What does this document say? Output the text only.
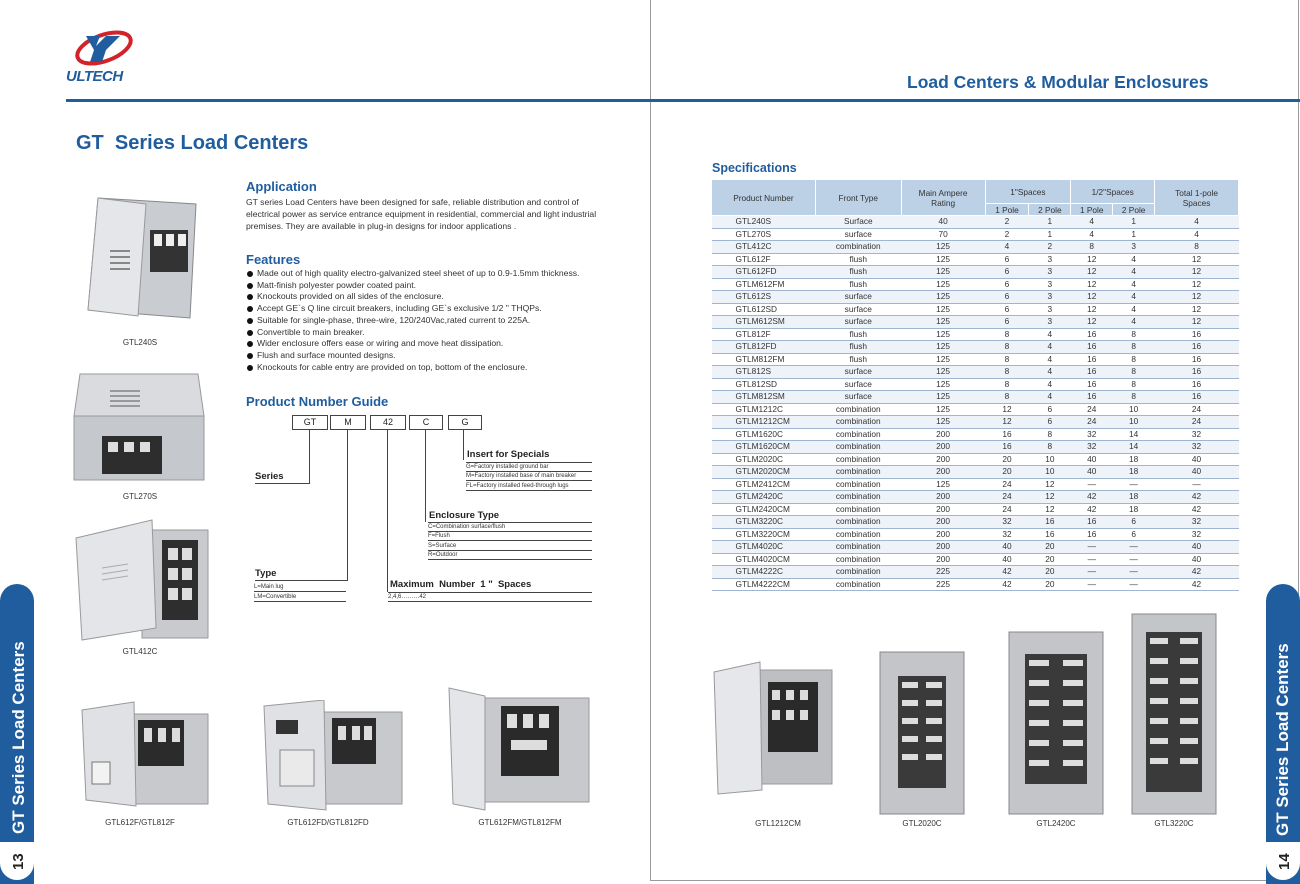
ULTECH
GT  Series Load Centers
GT Series Load Centers
13
GTL240S
GTL270S
GTL412C
Application
GT series Load Centers have been designed for safe, reliable distribution and control of
electrical power as service entrance equipment in residential, commercial and light industrial
premises. They are available in plug-in designs for indoor applications .
Features
Made out of high quality electro-galvanized steel sheet of up to 0.9-1.5mm thickness.
Matt-finish polyester powder coated paint.
Knockouts provided on all sides of the enclosure.
Accept GE`s Q line circuit breakers, including GE`s exclusive 1/2 " THQPs.
Suitable for single-phase, three-wire, 120/240Vac,rated current to 225A.
Convertible to main breaker.
Wider enclosure offers ease or wiring and move heat dissipation.
Flush and surface mounted designs.
Knockouts for cable entry are provided on top, bottom of the enclosure.
Product Number Guide
GT	M	42	C	G
Series
Insert for Specials
G=Factory installed ground bar
M=Factory installed base of main breaker
FL=Factory installed feed-through lugs
Enclosure Type
C=Combination surface/flush
F=Flush
S=Surface
R=Outdoor
Type
L=Main lug
LM=Convertible
Maximum  Number  1 "  Spaces
2,4,6………42
GTL612F/GTL812F	GTL612FD/GTL812FD	GTL612FM/GTL812FM
Load Centers & Modular Enclosures
GT Series Load Centers
14
Specifications
Product Number	Front Type	Main Ampere Rating	1"Spaces		1/2"Spaces		Total 1-pole Spaces
			1 Pole	2 Pole	1 Pole	2 Pole	
GTL240S	Surface	40	2	1	4	1	4
GTL270S	surface	70	2	1	4	1	4
GTL412C	combination	125	4	2	8	3	8
GTL612F	flush	125	6	3	12	4	12
GTL612FD	flush	125	6	3	12	4	12
GTLM612FM	flush	125	6	3	12	4	12
GTL612S	surface	125	6	3	12	4	12
GTL612SD	surface	125	6	3	12	4	12
GTLM612SM	surface	125	6	3	12	4	12
GTL812F	flush	125	8	4	16	8	16
GTL812FD	flush	125	8	4	16	8	16
GTLM812FM	flush	125	8	4	16	8	16
GTL812S	surface	125	8	4	16	8	16
GTL812SD	surface	125	8	4	16	8	16
GTLM812SM	surface	125	8	4	16	8	16
GTLM1212C	combination	125	12	6	24	10	24
GTLM1212CM	combination	125	12	6	24	10	24
GTLM1620C	combination	200	16	8	32	14	32
GTLM1620CM	combination	200	16	8	32	14	32
GTLM2020C	combination	200	20	10	40	18	40
GTLM2020CM	combination	200	20	10	40	18	40
GTLM2412CM	combination	125	24	12	—	—	—
GTLM2420C	combination	200	24	12	42	18	42
GTLM2420CM	combination	200	24	12	42	18	42
GTLM3220C	combination	200	32	16	16	6	32
GTLM3220CM	combination	200	32	16	16	6	32
GTLM4020C	combination	200	40	20	—	—	40
GTLM4020CM	combination	200	40	20	—	—	40
GTLM4222C	combination	225	42	20	—	—	42
GTLM4222CM	combination	225	42	20	—	—	42
GTL1212CM	GTL2020C	GTL2420C	GTL3220C
